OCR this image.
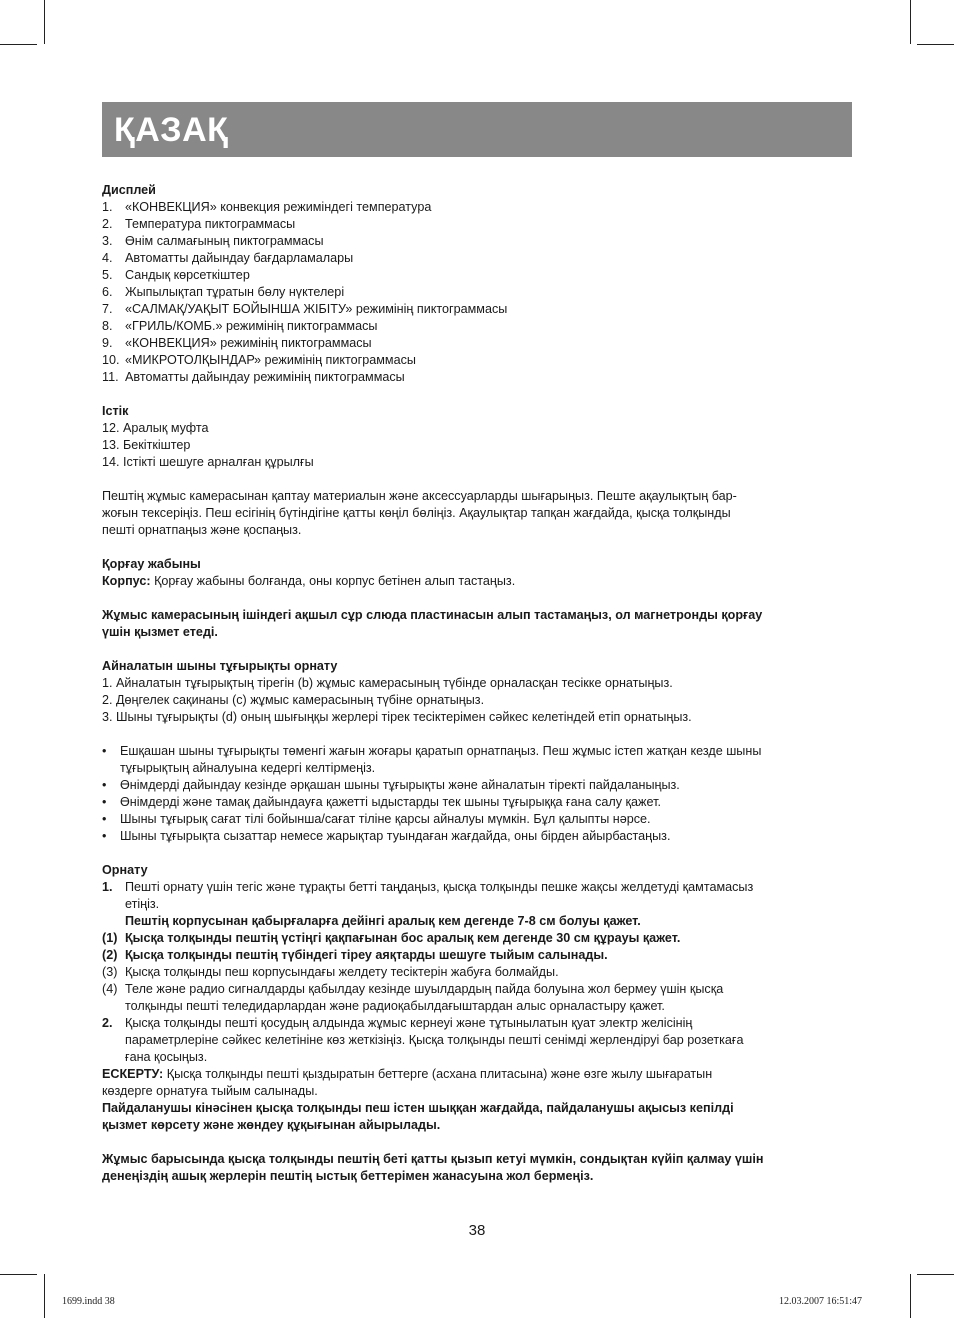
ҚАЗАҚ
Дисплей
1. «КОНВЕКЦИЯ» конвекция режиміндегі температура
2. Температура пиктограммасы
3. Өнім салмағының пиктограммасы
4. Автоматты дайындау бағдарламалары
5. Сандық көрсеткіштер
6. Жыпылықтап тұратын бөлу нүктелері
7. «САЛМАҚ/УАҚЫТ БОЙЫНША ЖІБІТУ» режимінің пиктограммасы
8. «ГРИЛЬ/КОМБ.» режимінің пиктограммасы
9. «КОНВЕКЦИЯ» режимінің пиктограммасы
10. «МИКРОТОЛҚЫНДАР» режимінің пиктограммасы
11. Автоматты дайындау режимінің пиктограммасы
Істік
12. Аралық муфта
13. Бекіткіштер
14. Істікті шешуге арналған құрылғы
Пештің жұмыс камерасынан қаптау материалын және аксессуарларды шығарыңыз. Пеште ақаулықтың бар-
жоғын тексеріңіз. Пеш есігінің бүтіндігіне қатты көңіл бөліңіз. Ақаулықтар тапқан жағдайда, қысқа толқынды
пешті орнатпаңыз және қоспаңыз.
Қорғау жабыны
Корпус: Қорғау жабыны болғанда, оны корпус бетінен алып тастаңыз.
Жұмыс камерасының ішіндегі ақшыл сұр слюда пластинасын алып тастамаңыз, ол магнетронды қорғау
үшін қызмет етеді.
Айналатын шыны тұғырықты орнату
1. Айналатын тұғырықтың тірегін (b) жұмыс камерасының түбінде орналасқан тесікке орнатыңыз.
2. Дөңгелек сақинаны (c) жұмыс камерасының түбіне орнатыңыз.
3. Шыны тұғырықты (d) оның шығыңқы жерлері тірек тесіктерімен сәйкес келетіндей етіп орнатыңыз.
• Ешқашан шыны тұғырықты төменгі жағын жоғары қаратып орнатпаңыз. Пеш жұмыс істеп жатқан кезде шыны
тұғырықтың айналуына кедергі келтірмеңіз.
• Өнімдерді дайындау кезінде әрқашан шыны тұғырықты және айналатын тіректі пайдаланыңыз.
• Өнімдерді және тамақ дайындауға қажетті ыдыстарды тек шыны тұғырыққа ғана салу қажет.
• Шыны тұғырық сағат тілі бойынша/сағат тіліне қарсы айналуы мүмкін. Бұл қалыпты нәрсе.
• Шыны тұғырықта сызаттар немесе жарықтар туындаған жағдайда, оны бірден айырбастаңыз.
Орнату
1. Пешті орнату үшін тегіс және тұрақты бетті таңдаңыз, қысқа толқынды пешке жақсы желдетуді қамтамасыз
етіңіз.
Пештің корпусынан қабырғаларға дейінгі аралық кем дегенде 7-8 см болуы қажет.
(1) Қысқа толқынды пештің үстіңгі қақпағынан бос аралық кем дегенде 30 см құрауы қажет.
(2) Қысқа толқынды пештің түбіндегі тіреу аяқтарды шешуге тыйым салынады.
(3) Қысқа толқынды пеш корпусындағы желдету тесіктерін жабуға болмайды.
(4) Теле және радио сигналдарды қабылдау кезінде шуылдардың пайда болуына жол бермеу үшін қысқа
толқынды пешті теледидарлардан және радиоқабылдағыштардан алыс орналастыру қажет.
2. Қысқа толқынды пешті қосудың алдында жұмыс кернеуі және тұтынылатын қуат электр желісінің
параметрлеріне сәйкес келетініне көз жеткізіңіз. Қысқа толқынды пешті сенімді жерлендіруі бар розеткаға
ғана қосыңыз.
ЕСКЕРТУ: Қысқа толқынды пешті қыздыратын беттерге (асхана плитасына) және өзге жылу шығаратын
көздерге орнатуға тыйым салынады.
Пайдаланушы кінәсінен қысқа толқынды пеш істен шыққан жағдайда, пайдаланушы ақысыз кепілді
қызмет көрсету және жөндеу құқығынан айырылады.
Жұмыс барысында қысқа толқынды пештің беті қатты қызып кетуі мүмкін, сондықтан күйіп қалмау үшін
денеңіздің ашық жерлерін пештің ыстық беттерімен жанасуына жол бермеңіз.
38
1699.indd 38	12.03.2007 16:51:47
